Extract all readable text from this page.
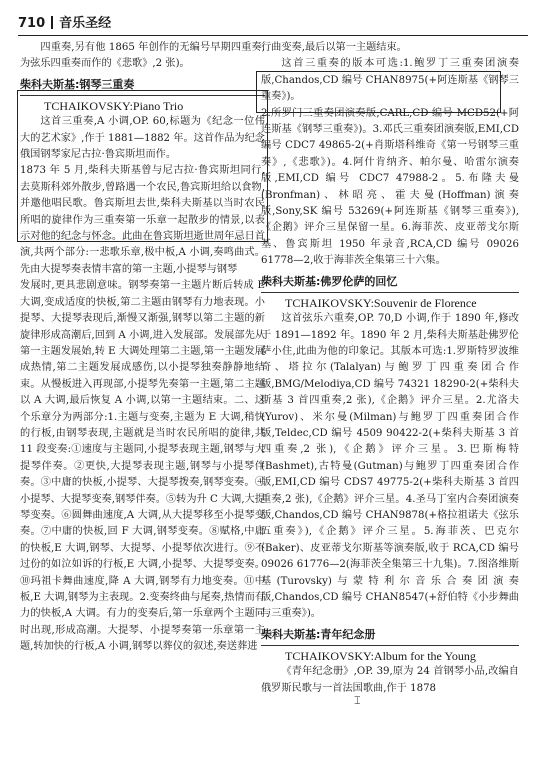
710 音乐圣经

四重奏,另有他 1865 年创作的无编号早期四重奏,为弦乐四重奏而作的《悲歌》,2 张)。

柴科夫斯基:钢琴三重奏

TCHAIKOVSKY:Piano Trio

这首三重奏,A 小调,OP. 60,标题为《纪念一位伟大的艺术家》,作于 1881—1882 年。这首作品为纪念俄国钢琴家尼古拉·鲁宾斯坦而作。

1873 年 5 月,柴科夫斯基曾与尼古拉·鲁宾斯坦同行,去莫斯科郊外散步,曾路遇一个农民,鲁宾斯坦给以食物,并邀他唱民歌。鲁宾斯坦去世,柴科夫斯基以当时农民所唱的旋律作为三重奏第一乐章一起散步的情景,以表示对他的纪念与怀念。此曲在鲁宾斯坦逝世周年忌日首演,共两个部分:一悲歌乐章,极中板,A 小调,奏鸣曲式。先由大提琴奏表情丰富的第一主题,小提琴与钢琴

发展时,更具悲剧意味。钢琴奏第一主题片断后转成 E 大调,变成适度的快板,第二主题由钢琴有力地表现。小提琴、大提琴表现后,渐慢又渐强,钢琴以第二主题的新旋律形成高潮后,回到 A 小调,进入发展部。发展部先从第一主题发展始,转 E 大调处理第二主题,第一主题发展成热情,第二主题发展成感伤,以小提琴独奏静静地结束。从慢板进入再现部,小提琴先奏第一主题,第二主题以 A 大调,最后恢复 A 小调,以第一主题结束。二、这个乐章分为两部分:1.主题与变奏,主题为 E 大调,稍快的行板,由钢琴表现,主题就是当时农民所唱的旋律,共 11 段变奏:①速度与主题同,小提琴表现主题,钢琴与大提琴伴奏。②更快,大提琴表现主题,钢琴与小提琴伴奏。③中庸的快板,小提琴、大提琴拨奏,钢琴变奏。④小提琴、大提琴变奏,钢琴伴奏。⑤转为升 C 大调,大提琴变奏。⑥圆舞曲速度,A 大调,从大提琴移至小提琴变奏。⑦中庸的快板,回 F 大调,钢琴变奏。⑧赋格,中庸的快板,E 大调,钢琴、大提琴、小提琴依次进行。⑨不过份的如泣如诉的行板,E 大调,小提琴、大提琴变奏。⑩玛祖卡舞曲速度,降 A 大调,钢琴有力地变奏。⑪中板,E 大调,钢琴为主表现。2.变奏终曲与尾奏,热情而有力的快板,A 大调。有力的变奏后,第一乐章两个主题同时出现,形成高潮。大提琴、小提琴奏第一乐章第一主题,转加快的行板,A 小调,钢琴以葬仪的叙述,奏送葬进

行曲变奏,最后以第一主题结束。

这首三重奏的版本可选:1.鲍罗丁三重奏团演奏版,Chandos,CD 编号 CHAN8975(+阿连斯基《钢琴三重奏》)。

2.所罗门三重奏团演奏版,CARL,CD 编号 MCD52(+阿连斯基《钢琴三重奏》)。3.邓氏三重奏团演奏版,EMI,CD 编号 CDC7 49865-2(+肖斯塔科维奇《第一号钢琴三重奏》,《悲歌》)。4.阿什肯纳齐、帕尔曼、哈雷尔演奏版,EMI,CD 编号 CDC7 47988-2。5.布隆夫曼(Bronfman)、林昭亮、霍夫曼(Hoffman)演奏版,Sony,SK 编号 53269(+阿连斯基《钢琴三重奏》),《企鹅》评介三星保留一星。6.海菲茨、皮亚蒂戈尔斯基、鲁宾斯坦 1950 年录音,RCA,CD 编号 09026 61778—2,收于海菲茨全集第三十六集。

柴科夫斯基:佛罗伦萨的回忆

TCHAIKOVSKY:Souvenir de Florence

这首弦乐六重奏,OP. 70,D 小调,作于 1890 年,修改于 1891—1892 年。1890 年 2 月,柴科夫斯基赴佛罗伦萨小住,此曲为他的印象记。其版本可选:1.罗斯特罗波维奇、塔拉尔(Talalyan)与鲍罗丁四重奏团合作版,BMG/Melodiya,CD 编号 74321 18290-2(+柴科夫斯基 3 首四重奏,2 张),《企鹅》评介三星。2.尤洛夫(Yurov)、米尔曼(Milman)与鲍罗丁四重奏团合作版,Teldec,CD 编号 4509 90422-2(+柴科夫斯基 3 首四重奏,2 张),《企鹅》评介三星。3.巴斯梅特(Bashmet),古特曼(Gutman)与鲍罗丁四重奏团合作版,EMI,CD 编号 CDS7 49775-2(+柴科夫斯基 3 首四重奏,2 张),《企鹅》评介三星。4.圣马丁室内合奏团演奏版,Chandos,CD 编号 CHAN9878(+格拉祖诺夫《弦乐五重奏》),《企鹅》评介三星。5.海菲茨、巴克尔(Baker)、皮亚蒂戈尔斯基等演奏版,收于 RCA,CD 编号 09026 61776—2(海菲茨全集第三十九集)。7.图洛维斯基(Turovsky)与蒙特利尔音乐合奏团演奏版,Chandos,CD 编号 CHAN8547(+舒伯特《小步舞曲与三重奏》)。

柴科夫斯基:青年纪念册

TCHAIKOVSKY:Album for the Young

《青年纪念册》,OP. 39,原为 24 首钢琴小品,改编自俄罗斯民歌与一首法国歌曲,作于 1878

⌶
